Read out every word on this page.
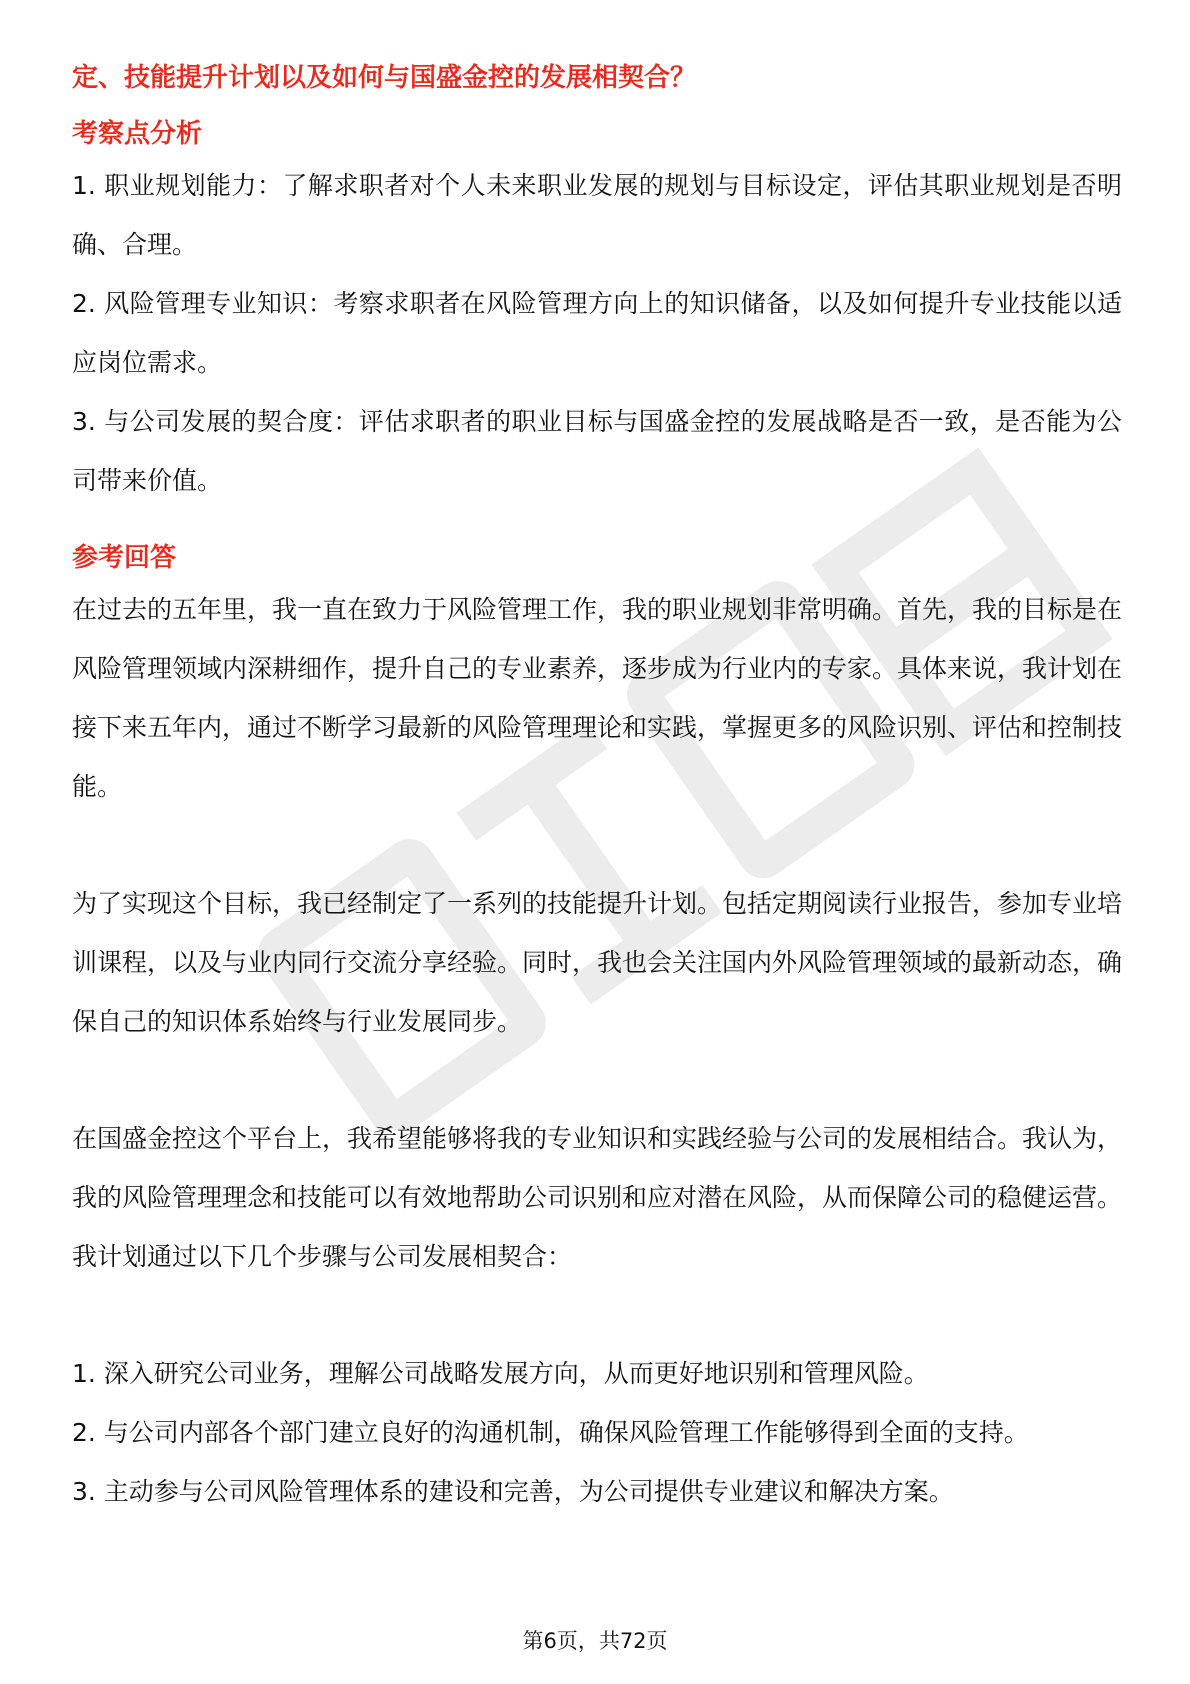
定、技能提升计划以及如何与国盛金控的发展相契合？

考察点分析

1. 职业规划能力：了解求职者对个人未来职业发展的规划与目标设定，评估其职业规划是否明确、合理。

2. 风险管理专业知识：考察求职者在风险管理方向上的知识储备，以及如何提升专业技能以适应岗位需求。

3. 与公司发展的契合度：评估求职者的职业目标与国盛金控的发展战略是否一致，是否能为公司带来价值。

参考回答

在过去的五年里，我一直在致力于风险管理工作，我的职业规划非常明确。首先，我的目标是在风险管理领域内深耕细作，提升自己的专业素养，逐步成为行业内的专家。具体来说，我计划在接下来五年内，通过不断学习最新的风险管理理论和实践，掌握更多的风险识别、评估和控制技能。

为了实现这个目标，我已经制定了一系列的技能提升计划。包括定期阅读行业报告，参加专业培训课程，以及与业内同行交流分享经验。同时，我也会关注国内外风险管理领域的最新动态，确保自己的知识体系始终与行业发展同步。

在国盛金控这个平台上，我希望能够将我的专业知识和实践经验与公司的发展相结合。我认为，我的风险管理理念和技能可以有效地帮助公司识别和应对潜在风险，从而保障公司的稳健运营。我计划通过以下几个步骤与公司发展相契合：

1. 深入研究公司业务，理解公司战略发展方向，从而更好地识别和管理风险。

2. 与公司内部各个部门建立良好的沟通机制，确保风险管理工作能够得到全面的支持。

3. 主动参与公司风险管理体系的建设和完善，为公司提供专业建议和解决方案。

第6页，共72页
